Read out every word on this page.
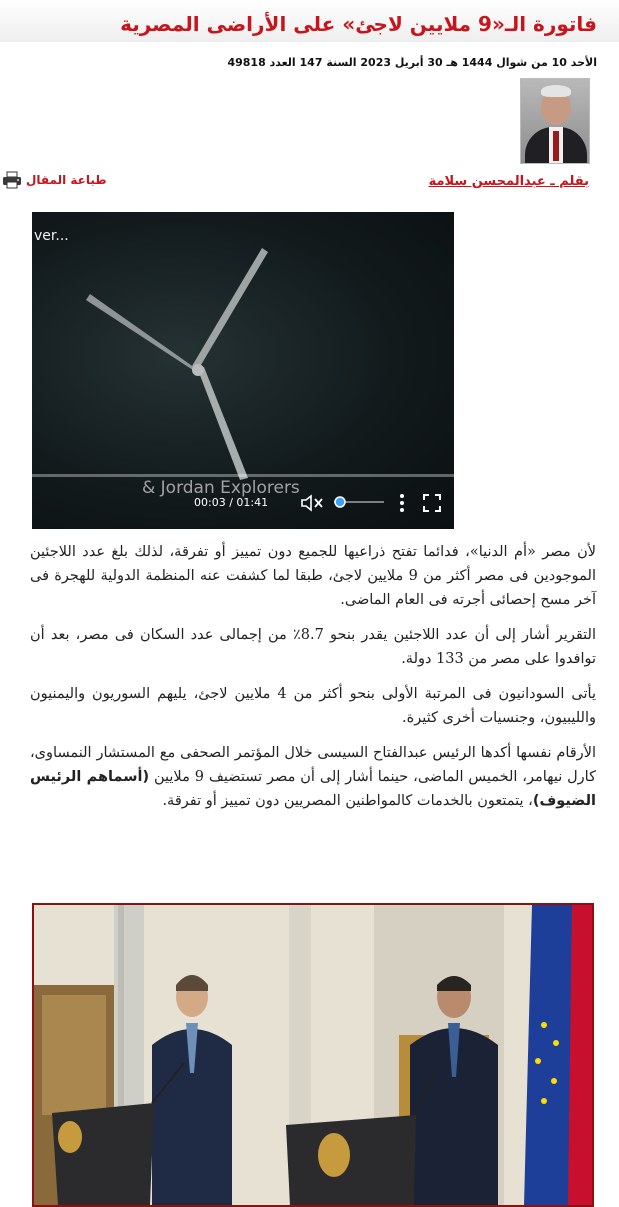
فاتورة الـ«9 ملايين لاجئ» على الأراضى المصرية
الأحد 10 من شوال 1444 هـ 30 أبريل 2023 السنة 147 العدد 49818
بقلم ـ عبدالمحسن سلامة
طباعة المقال
ver...
& Jordan Explorers
00:03 / 01:41

لأن مصر «أم الدنيا»، فدائما تفتح ذراعيها للجميع دون تمييز أو تفرقة، لذلك بلغ عدد اللاجئين الموجودين فى مصر أكثر من 9 ملايين لاجئ، طبقا لما كشفت عنه المنظمة الدولية للهجرة فى آخر مسح إحصائى أجرته فى العام الماضى.

التقرير أشار إلى أن عدد اللاجئين يقدر بنحو 8.7٪ من إجمالى عدد السكان فى مصر، بعد أن توافدوا على مصر من 133 دولة.

يأتى السودانيون فى المرتبة الأولى بنحو أكثر من 4 ملايين لاجئ، يليهم السوريون واليمنيون والليبيون، وجنسيات أخرى كثيرة.

الأرقام نفسها أكدها الرئيس عبدالفتاح السيسى خلال المؤتمر الصحفى مع المستشار النمساوى، كارل نيهامر، الخميس الماضى، حينما أشار إلى أن مصر تستضيف 9 ملايين (أسماهم الرئيس الضيوف)، يتمتعون بالخدمات كالمواطنين المصريين دون تمييز أو تفرقة.
